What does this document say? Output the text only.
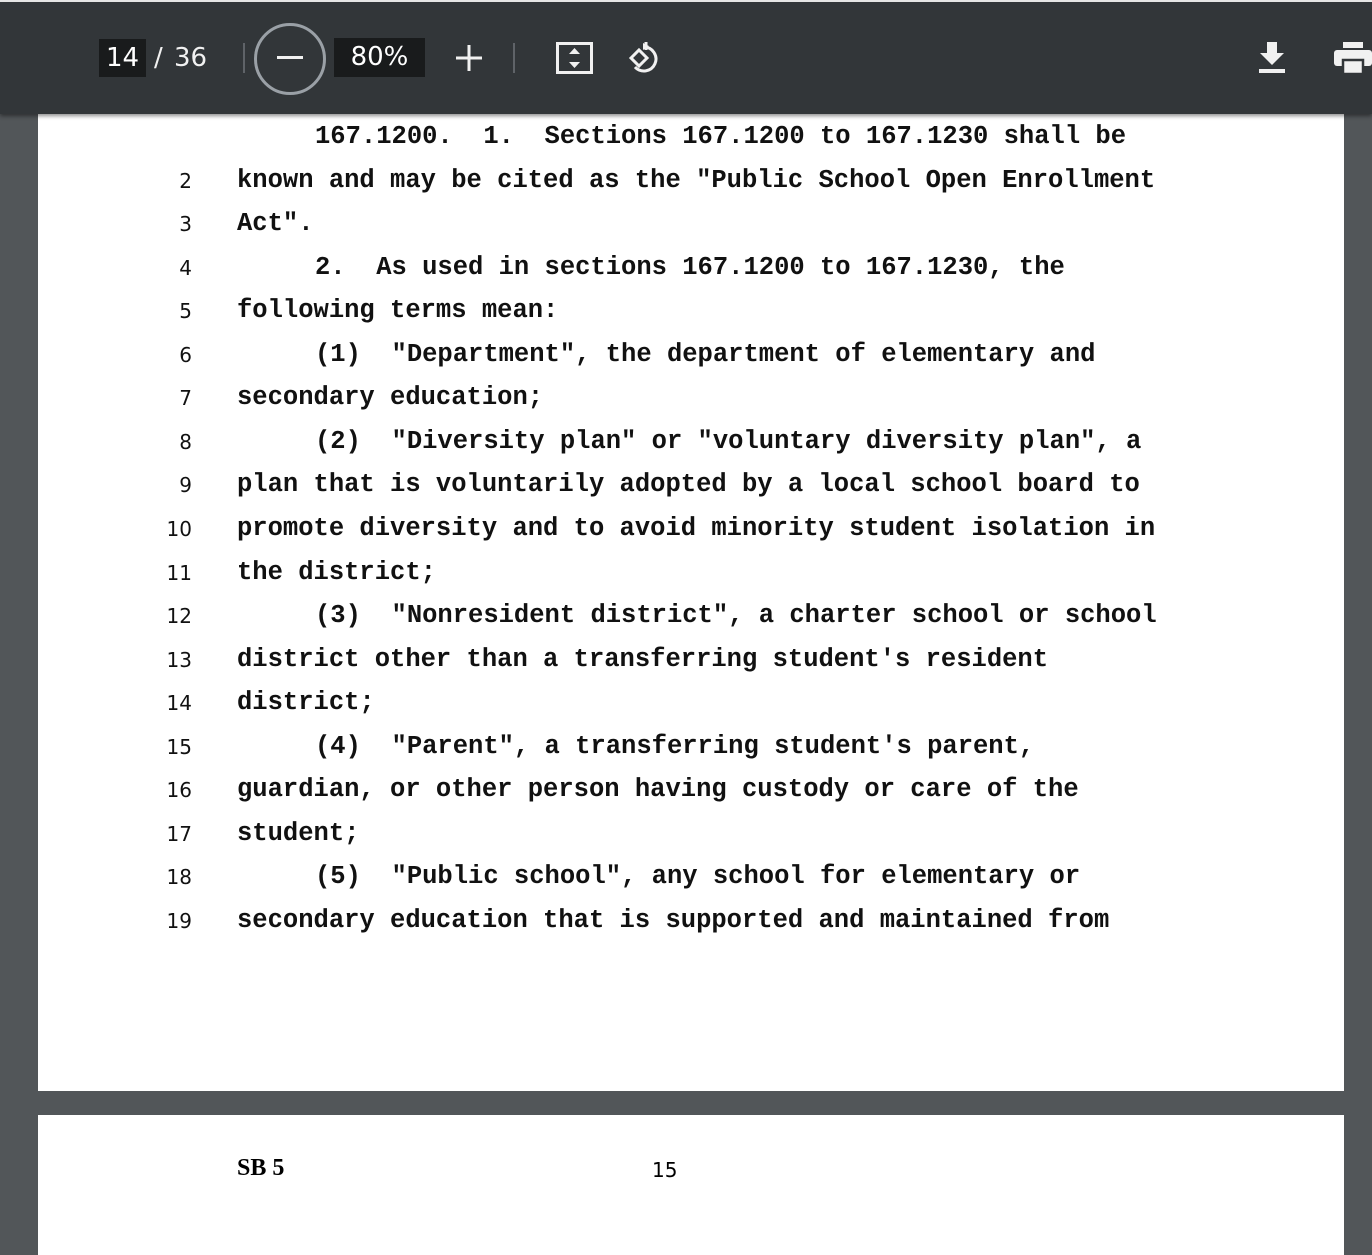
14 / 36	80%
167.1200.  1.  Sections 167.1200 to 167.1230 shall be
2 known and may be cited as the "Public School Open Enrollment
3 Act".
4	2.  As used in sections 167.1200 to 167.1230, the
5 following terms mean:
6	(1)  "Department", the department of elementary and
7 secondary education;
8	(2)  "Diversity plan" or "voluntary diversity plan", a
9 plan that is voluntarily adopted by a local school board to
10 promote diversity and to avoid minority student isolation in
11 the district;
12	(3)  "Nonresident district", a charter school or school
13 district other than a transferring student's resident
14 district;
15	(4)  "Parent", a transferring student's parent,
16 guardian, or other person having custody or care of the
17 student;
18	(5)  "Public school", any school for elementary or
19 secondary education that is supported and maintained from
SB 5	15
